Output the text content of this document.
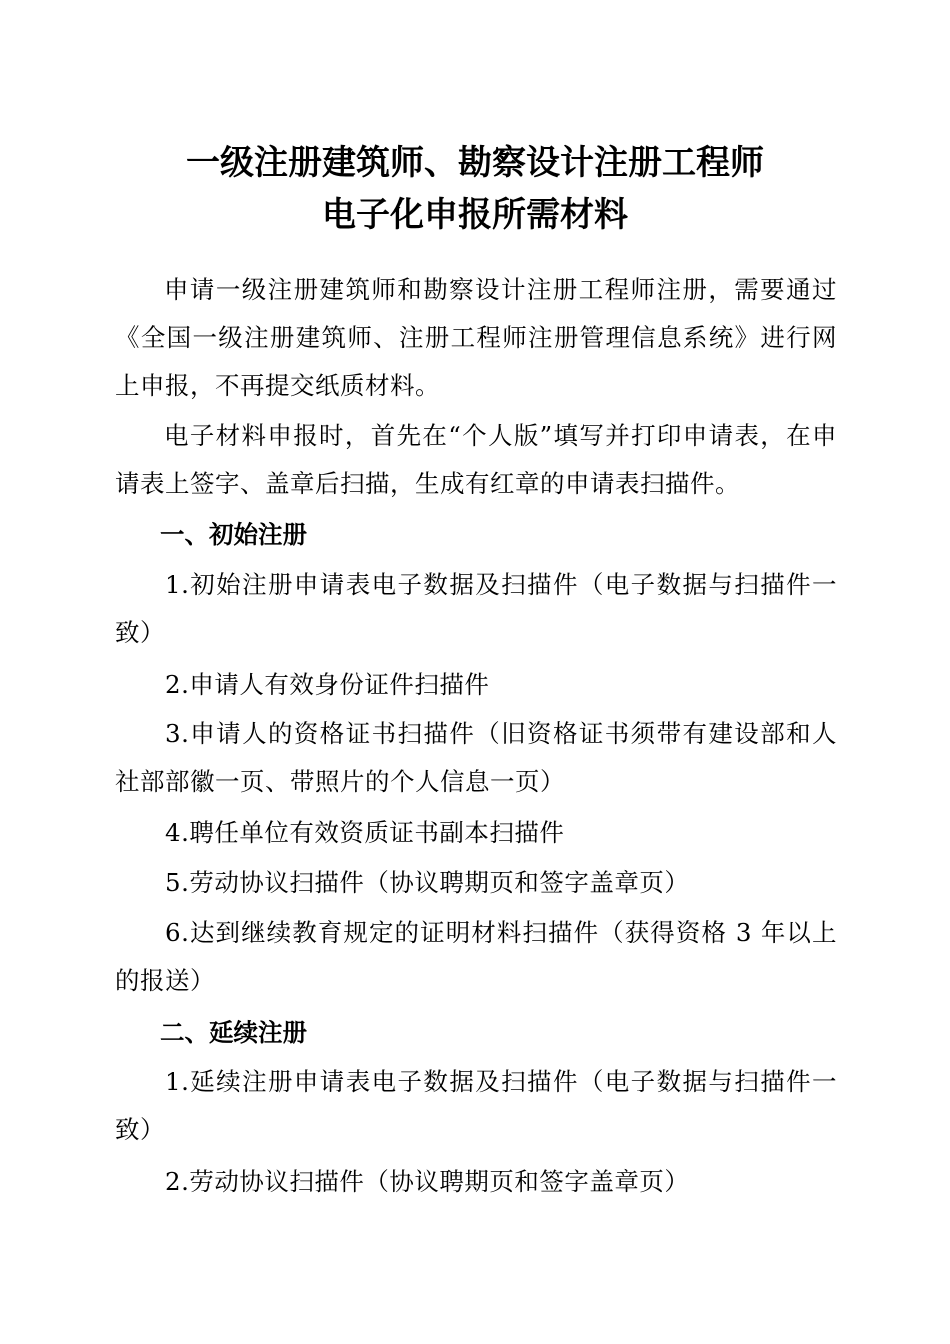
一级注册建筑师、勘察设计注册工程师
电子化申报所需材料

申请一级注册建筑师和勘察设计注册工程师注册，需要通过《全国一级注册建筑师、注册工程师注册管理信息系统》进行网上申报，不再提交纸质材料。

电子材料申报时，首先在“个人版”填写并打印申请表，在申请表上签字、盖章后扫描，生成有红章的申请表扫描件。

一、初始注册

1.初始注册申请表电子数据及扫描件（电子数据与扫描件一致）

2.申请人有效身份证件扫描件

3.申请人的资格证书扫描件（旧资格证书须带有建设部和人社部部徽一页、带照片的个人信息一页）

4.聘任单位有效资质证书副本扫描件

5.劳动协议扫描件（协议聘期页和签字盖章页）

6.达到继续教育规定的证明材料扫描件（获得资格 3 年以上的报送）

二、延续注册

1.延续注册申请表电子数据及扫描件（电子数据与扫描件一致）

2.劳动协议扫描件（协议聘期页和签字盖章页）
